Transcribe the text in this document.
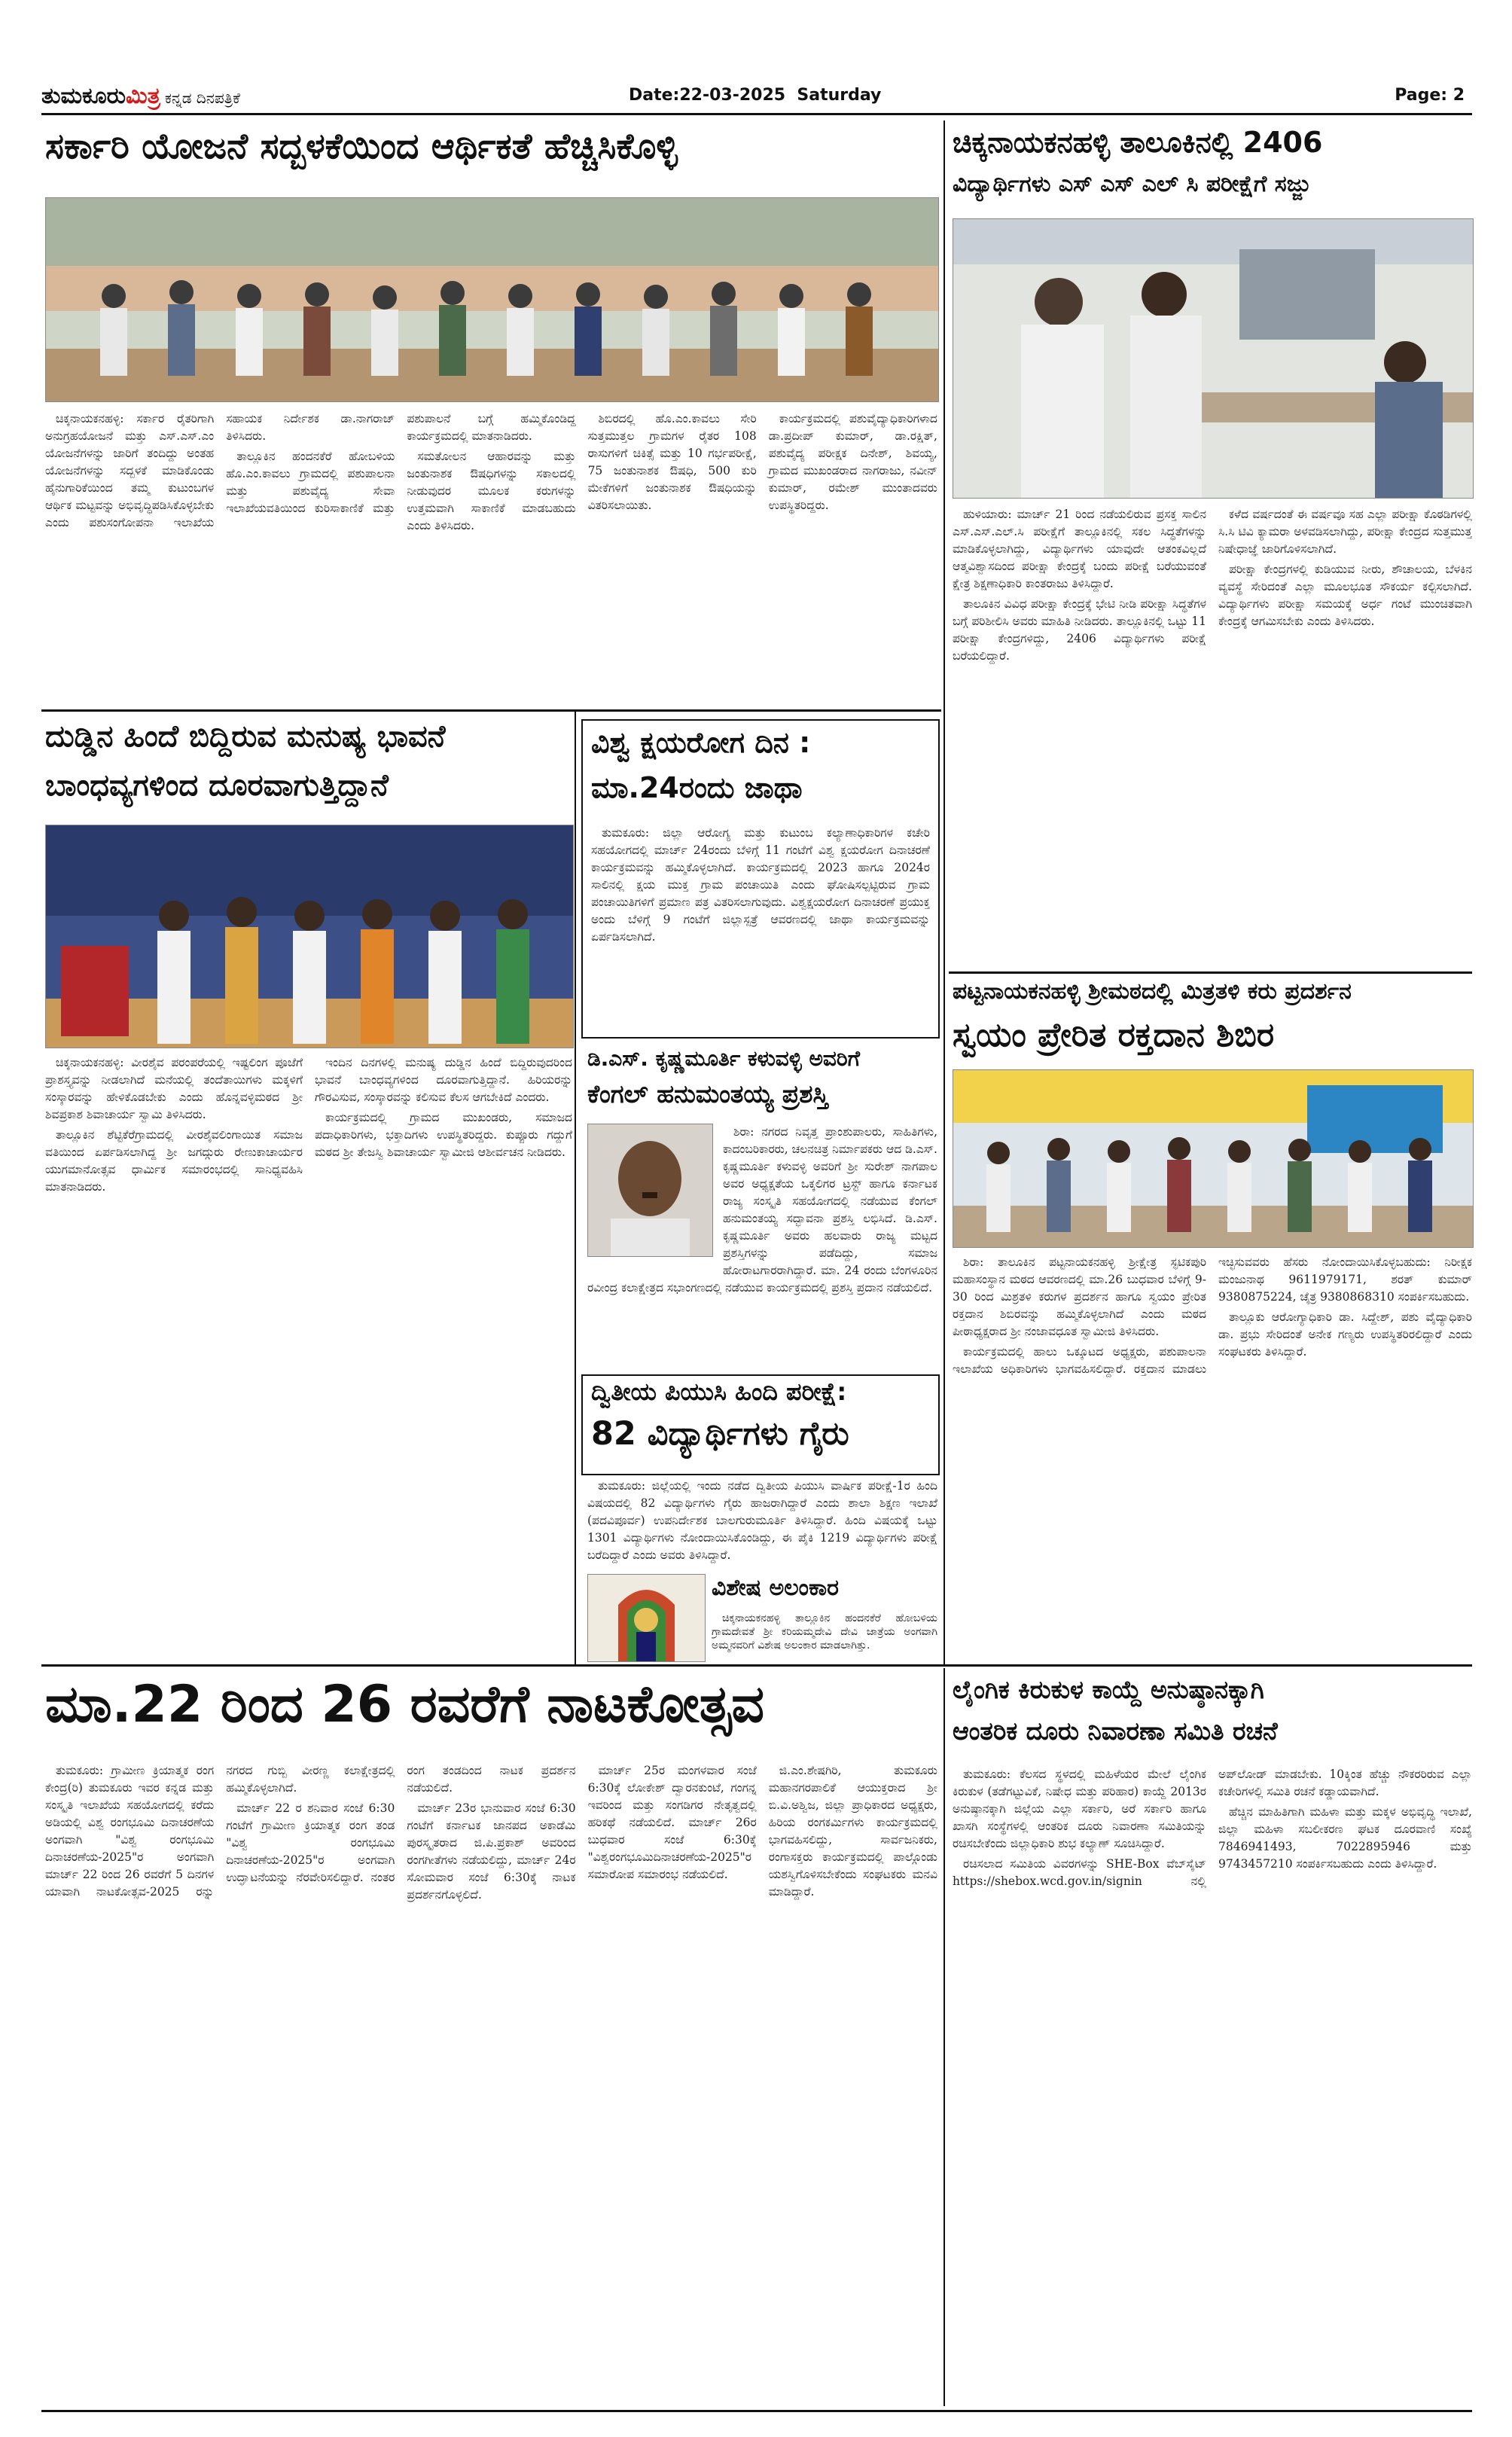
ತುಮಕೂರುಮಿತ್ರ ಕನ್ನಡ ದಿನಪತ್ರಿಕೆ	Date:22-03-2025 Saturday	Page: 2
ಸರ್ಕಾರಿ ಯೋಜನೆ ಸದ್ಬಳಕೆಯಿಂದ ಆರ್ಥಿಕತೆ ಹೆಚ್ಚಿಸಿಕೊಳ್ಳಿ

ಚಿಕ್ಕನಾಯಕನಹಳ್ಳಿ: ಸರ್ಕಾರ ರೈತರಿಗಾಗಿ ಅನುಗ್ರಹಯೋಜನೆ ಮತ್ತು ಎಸ್.ಎಸ್.ಎಂ ಯೋಜನೆಗಳನ್ನು ಜಾರಿಗೆ ತಂದಿದ್ದು ಅಂತಹ ಯೋಜನೆಗಳನ್ನು ಸದ್ಬಳಕೆ ಮಾಡಿಕೊಂಡು ಹೈನುಗಾರಿಕೆಯಿಂದ ತಮ್ಮ ಕುಟುಂಬಗಳ ಆರ್ಥಿಕ ಮಟ್ಟವನ್ನು ಅಭಿವೃದ್ಧಿಪಡಿಸಿಕೊಳ್ಳಬೇಕು ಎಂದು ಪಶುಸಂಗೋಪನಾ ಇಲಾಖೆಯ ಸಹಾಯಕ ನಿರ್ದೇಶಕ ಡಾ.ನಾಗರಾಜ್ ತಿಳಿಸಿದರು.

ತಾಲ್ಲೂಕಿನ ಹಂದನಕೆರೆ ಹೋಬಳಿಯ ಹೊ.ಎಂ.ಕಾವಲು ಗ್ರಾಮದಲ್ಲಿ ಪಶುಪಾಲನಾ ಮತ್ತು ಪಶುವೈದ್ಯ ಸೇವಾ ಇಲಾಖೆಯವತಿಯಿಂದ ಕುರಿಸಾಕಾಣಿಕೆ ಮತ್ತು ಪಶುಪಾಲನೆ ಬಗ್ಗೆ ಹಮ್ಮಿಕೊಂಡಿದ್ದ ಕಾರ್ಯಕ್ರಮದಲ್ಲಿ ಮಾತನಾಡಿದರು.

ಸಮತೋಲನ ಆಹಾರವನ್ನು ಮತ್ತು ಜಂತುನಾಶಕ ಔಷಧಿಗಳನ್ನು ಸಕಾಲದಲ್ಲಿ ನೀಡುವುದರ ಮೂಲಕ ಕರುಗಳನ್ನು ಉತ್ತಮವಾಗಿ ಸಾಕಾಣಿಕೆ ಮಾಡಬಹುದು ಎಂದು ತಿಳಿಸಿದರು.

ಶಿಬಿರದಲ್ಲಿ ಹೊ.ಎಂ.ಕಾವಲು ಸೇರಿ ಸುತ್ತಮುತ್ತಲ ಗ್ರಾಮಗಳ ರೈತರ 108 ರಾಸುಗಳಿಗೆ ಚಿಕಿತ್ಸೆ ಮತ್ತು 10 ಗರ್ಭಪರೀಕ್ಷೆ, 75 ಜಂತುನಾಶಕ ಔಷಧಿ, 500 ಕುರಿ ಮೇಕೆಗಳಿಗೆ ಜಂತುನಾಶಕ ಔಷಧಿಯನ್ನು ವಿತರಿಸಲಾಯಿತು.

ಕಾರ್ಯಕ್ರಮದಲ್ಲಿ ಪಶುವೈದ್ಯಾಧಿಕಾರಿಗಳಾದ ಡಾ.ಪ್ರದೀಪ್ ಕುಮಾರ್, ಡಾ.ರಕ್ಷಿತ್, ಪಶುವೈದ್ಯ ಪರೀಕ್ಷಕ ದಿನೇಶ್, ಶಿವಯ್ಯ, ಗ್ರಾಮದ ಮುಖಂಡರಾದ ನಾಗರಾಜು, ನವೀನ್ ಕುಮಾರ್, ರಮೇಶ್ ಮುಂತಾದವರು ಉಪಸ್ಥಿತರಿದ್ದರು.

ಚಿಕ್ಕನಾಯಕನಹಳ್ಳಿ ತಾಲೂಕಿನಲ್ಲಿ 2406
ವಿದ್ಯಾರ್ಥಿಗಳು ಎಸ್ ಎಸ್ ಎಲ್ ಸಿ ಪರೀಕ್ಷೆಗೆ ಸಜ್ಜು

ಹುಳಿಯಾರು: ಮಾರ್ಚ್ 21 ರಿಂದ ನಡೆಯಲಿರುವ ಪ್ರಸಕ್ತ ಸಾಲಿನ ಎಸ್.ಎಸ್.ಎಲ್.ಸಿ ಪರೀಕ್ಷೆಗೆ ತಾಲ್ಲೂಕಿನಲ್ಲಿ ಸಕಲ ಸಿದ್ಧತೆಗಳನ್ನು ಮಾಡಿಕೊಳ್ಳಲಾಗಿದ್ದು, ವಿದ್ಯಾರ್ಥಿಗಳು ಯಾವುದೇ ಆತಂಕವಿಲ್ಲದೆ ಆತ್ಮವಿಶ್ವಾಸದಿಂದ ಪರೀಕ್ಷಾ ಕೇಂದ್ರಕ್ಕೆ ಬಂದು ಪರೀಕ್ಷೆ ಬರೆಯುವಂತೆ ಕ್ಷೇತ್ರ ಶಿಕ್ಷಣಾಧಿಕಾರಿ ಕಾಂತರಾಜು ತಿಳಿಸಿದ್ದಾರೆ.

ತಾಲೂಕಿನ ವಿವಿಧ ಪರೀಕ್ಷಾ ಕೇಂದ್ರಕ್ಕೆ ಭೇಟಿ ನೀಡಿ ಪರೀಕ್ಷಾ ಸಿದ್ಧತೆಗಳ ಬಗ್ಗೆ ಪರಿಶೀಲಿಸಿ ಅವರು ಮಾಹಿತಿ ನೀಡಿದರು. ತಾಲ್ಲೂಕಿನಲ್ಲಿ ಒಟ್ಟು 11 ಪರೀಕ್ಷಾ ಕೇಂದ್ರಗಳಿದ್ದು, 2406 ವಿದ್ಯಾರ್ಥಿಗಳು ಪರೀಕ್ಷೆ ಬರೆಯಲಿದ್ದಾರೆ.

ಕಳೆದ ವರ್ಷದಂತೆ ಈ ವರ್ಷವೂ ಸಹ ಎಲ್ಲಾ ಪರೀಕ್ಷಾ ಕೊಠಡಿಗಳಲ್ಲಿ ಸಿ.ಸಿ ಟಿವಿ ಕ್ಯಾಮರಾ ಅಳವಡಿಸಲಾಗಿದ್ದು, ಪರೀಕ್ಷಾ ಕೇಂದ್ರದ ಸುತ್ತಮುತ್ತ ನಿಷೇಧಾಜ್ಞೆ ಜಾರಿಗೊಳಿಸಲಾಗಿದೆ.

ಪರೀಕ್ಷಾ ಕೇಂದ್ರಗಳಲ್ಲಿ ಕುಡಿಯುವ ನೀರು, ಶೌಚಾಲಯ, ಬೆಳಕಿನ ವ್ಯವಸ್ಥೆ ಸೇರಿದಂತೆ ಎಲ್ಲಾ ಮೂಲಭೂತ ಸೌಕರ್ಯ ಕಲ್ಪಿಸಲಾಗಿದೆ. ವಿದ್ಯಾರ್ಥಿಗಳು ಪರೀಕ್ಷಾ ಸಮಯಕ್ಕೆ ಅರ್ಧ ಗಂಟೆ ಮುಂಚಿತವಾಗಿ ಕೇಂದ್ರಕ್ಕೆ ಆಗಮಿಸಬೇಕು ಎಂದು ತಿಳಿಸಿದರು.

ದುಡ್ಡಿನ ಹಿಂದೆ ಬಿದ್ದಿರುವ ಮನುಷ್ಯ ಭಾವನೆ
ಬಾಂಧವ್ಯಗಳಿಂದ ದೂರವಾಗುತ್ತಿದ್ದಾನೆ

ಚಿಕ್ಕನಾಯಕನಹಳ್ಳಿ: ವೀರಶೈವ ಪರಂಪರೆಯಲ್ಲಿ ಇಷ್ಟಲಿಂಗ ಪೂಜೆಗೆ ಪ್ರಾಶಸ್ತ್ಯವನ್ನು ನೀಡಲಾಗಿದೆ ಮನೆಯಲ್ಲಿ ತಂದೆತಾಯಿಗಳು ಮಕ್ಕಳಿಗೆ ಸಂಸ್ಕಾರವನ್ನು ಹೇಳಿಕೊಡಬೇಕು ಎಂದು ಹೊನ್ನವಳ್ಳಿಮಠದ ಶ್ರೀ ಶಿವಪ್ರಕಾಶ ಶಿವಾಚಾರ್ಯ ಸ್ವಾಮಿ ತಿಳಿಸಿದರು.

ತಾಲ್ಲೂಕಿನ ಶೆಟ್ಟಿಕೆರೆಗ್ರಾಮದಲ್ಲಿ ವೀರಶೈವಲಿಂಗಾಯಿತ ಸಮಾಜ ವತಿಯಿಂದ ಏರ್ಪಡಿಸಲಾಗಿದ್ದ ಶ್ರೀ ಜಗದ್ಗುರು ರೇಣುಕಾಚಾರ್ಯರ ಯುಗಮಾನೋತ್ಸವ ಧಾರ್ಮಿಕ ಸಮಾರಂಭದಲ್ಲಿ ಸಾನಿಧ್ಯವಹಿಸಿ ಮಾತನಾಡಿದರು.

ಇಂದಿನ ದಿನಗಳಲ್ಲಿ ಮನುಷ್ಯ ದುಡ್ಡಿನ ಹಿಂದೆ ಬಿದ್ದಿರುವುದರಿಂದ ಭಾವನೆ ಬಾಂಧವ್ಯಗಳಿಂದ ದೂರವಾಗುತ್ತಿದ್ದಾನೆ. ಹಿರಿಯರನ್ನು ಗೌರವಿಸುವ, ಸಂಸ್ಕಾರವನ್ನು ಕಲಿಸುವ ಕೆಲಸ ಆಗಬೇಕಿದೆ ಎಂದರು.

ಕಾರ್ಯಕ್ರಮದಲ್ಲಿ ಗ್ರಾಮದ ಮುಖಂಡರು, ಸಮಾಜದ ಪದಾಧಿಕಾರಿಗಳು, ಭಕ್ತಾದಿಗಳು ಉಪಸ್ಥಿತರಿದ್ದರು. ಕುಪ್ಪೂರು ಗದ್ದುಗೆ ಮಠದ ಶ್ರೀ ತೇಜಸ್ವಿ ಶಿವಾಚಾರ್ಯ ಸ್ವಾಮೀಜಿ ಆಶೀರ್ವಚನ ನೀಡಿದರು.

ವಿಶ್ವ ಕ್ಷಯರೋಗ ದಿನ :
ಮಾ.24ರಂದು ಜಾಥಾ

ತುಮಕೂರು: ಜಿಲ್ಲಾ ಆರೋಗ್ಯ ಮತ್ತು ಕುಟುಂಬ ಕಲ್ಯಾಣಾಧಿಕಾರಿಗಳ ಕಚೇರಿ ಸಹಯೋಗದಲ್ಲಿ ಮಾರ್ಚ್ 24ರಂದು ಬೆಳಿಗ್ಗೆ 11 ಗಂಟೆಗೆ ವಿಶ್ವ ಕ್ಷಯರೋಗ ದಿನಾಚರಣೆ ಕಾರ್ಯಕ್ರಮವನ್ನು ಹಮ್ಮಿಕೊಳ್ಳಲಾಗಿದೆ. ಕಾರ್ಯಕ್ರಮದಲ್ಲಿ 2023 ಹಾಗೂ 2024ರ ಸಾಲಿನಲ್ಲಿ ಕ್ಷಯ ಮುಕ್ತ ಗ್ರಾಮ ಪಂಚಾಯಿತಿ ಎಂದು ಘೋಷಿಸಲ್ಪಟ್ಟಿರುವ ಗ್ರಾಮ ಪಂಚಾಯಿತಿಗಳಿಗೆ ಪ್ರಮಾಣ ಪತ್ರ ವಿತರಿಸಲಾಗುವುದು. ವಿಶ್ವಕ್ಷಯರೋಗ ದಿನಾಚರಣೆ ಪ್ರಯುಕ್ತ ಅಂದು ಬೆಳಿಗ್ಗೆ 9 ಗಂಟೆಗೆ ಜಿಲ್ಲಾಸ್ಪತ್ರೆ ಆವರಣದಲ್ಲಿ ಜಾಥಾ ಕಾರ್ಯಕ್ರಮವನ್ನು ಏರ್ಪಡಿಸಲಾಗಿದೆ.

ಡಿ.ಎಸ್. ಕೃಷ್ಣಮೂರ್ತಿ ಕಳುವಳ್ಳಿ ಅವರಿಗೆ
ಕೆಂಗಲ್ ಹನುಮಂತಯ್ಯ ಪ್ರಶಸ್ತಿ

ಶಿರಾ: ನಗರದ ನಿವೃತ್ತ ಪ್ರಾಂಶುಪಾಲರು, ಸಾಹಿತಿಗಳು, ಕಾದಂಬರಿಕಾರರು, ಚಲನಚಿತ್ರ ನಿರ್ಮಾಪಕರು ಆದ ಡಿ.ಎಸ್. ಕೃಷ್ಣಮೂರ್ತಿ ಕಳುವಳ್ಳಿ ಅವರಿಗೆ ಶ್ರೀ ಸುರೇಶ್ ನಾಗಪಾಲ ಅವರ ಅಧ್ಯಕ್ಷತೆಯ ಒಕ್ಕಲಿಗರ ಟ್ರಸ್ಟ್ ಹಾಗೂ ಕರ್ನಾಟಕ ರಾಜ್ಯ ಸಂಸ್ಕೃತಿ ಸಹಯೋಗದಲ್ಲಿ ನಡೆಯುವ ಕೆಂಗಲ್ ಹನುಮಂತಯ್ಯ ಸದ್ಭಾವನಾ ಪ್ರಶಸ್ತಿ ಲಭಿಸಿದೆ. ಡಿ.ಎಸ್. ಕೃಷ್ಣಮೂರ್ತಿ ಅವರು ಹಲವಾರು ರಾಜ್ಯ ಮಟ್ಟದ ಪ್ರಶಸ್ತಿಗಳನ್ನು ಪಡೆದಿದ್ದು, ಸಮಾಜ ಹೋರಾಟಗಾರರಾಗಿದ್ದಾರೆ. ಮಾ. 24 ರಂದು ಬೆಂಗಳೂರಿನ ರವೀಂದ್ರ ಕಲಾಕ್ಷೇತ್ರದ ಸಭಾಂಗಣದಲ್ಲಿ ನಡೆಯುವ ಕಾರ್ಯಕ್ರಮದಲ್ಲಿ ಪ್ರಶಸ್ತಿ ಪ್ರದಾನ ನಡೆಯಲಿದೆ.

ದ್ವಿತೀಯ ಪಿಯುಸಿ ಹಿಂದಿ ಪರೀಕ್ಷೆ:
82 ವಿದ್ಯಾರ್ಥಿಗಳು ಗೈರು

ತುಮಕೂರು: ಜಿಲ್ಲೆಯಲ್ಲಿ ಇಂದು ನಡೆದ ದ್ವಿತೀಯ ಪಿಯುಸಿ ವಾರ್ಷಿಕ ಪರೀಕ್ಷೆ-1ರ ಹಿಂದಿ ವಿಷಯದಲ್ಲಿ 82 ವಿದ್ಯಾರ್ಥಿಗಳು ಗೈರು ಹಾಜರಾಗಿದ್ದಾರೆ ಎಂದು ಶಾಲಾ ಶಿಕ್ಷಣ ಇಲಾಖೆ (ಪದವಿಪೂರ್ವ) ಉಪನಿರ್ದೇಶಕ ಬಾಲಗುರುಮೂರ್ತಿ ತಿಳಿಸಿದ್ದಾರೆ. ಹಿಂದಿ ವಿಷಯಕ್ಕೆ ಒಟ್ಟು 1301 ವಿದ್ಯಾರ್ಥಿಗಳು ನೋಂದಾಯಿಸಿಕೊಂಡಿದ್ದು, ಈ ಪೈಕಿ 1219 ವಿದ್ಯಾರ್ಥಿಗಳು ಪರೀಕ್ಷೆ ಬರೆದಿದ್ದಾರೆ ಎಂದು ಅವರು ತಿಳಿಸಿದ್ದಾರೆ.

ವಿಶೇಷ ಅಲಂಕಾರ

ಚಿಕ್ಕನಾಯಕನಹಳ್ಳಿ ತಾಲ್ಲೂಕಿನ ಹಂದನಕೆರೆ ಹೋಬಳಿಯ ಗ್ರಾಮದೇವತೆ ಶ್ರೀ ಕರಿಯಮ್ಮದೇವಿ ದೇವಿ ಜಾತ್ರೆಯ ಅಂಗವಾಗಿ ಅಮ್ಮನವರಿಗೆ ವಿಶೇಷ ಅಲಂಕಾರ ಮಾಡಲಾಗಿತ್ತು.

ಪಟ್ಟನಾಯಕನಹಳ್ಳಿ ಶ್ರೀಮಠದಲ್ಲಿ ಮಿತ್ರತಳಿ ಕರು ಪ್ರದರ್ಶನ
ಸ್ವಯಂ ಪ್ರೇರಿತ ರಕ್ತದಾನ ಶಿಬಿರ

ಶಿರಾ: ತಾಲೂಕಿನ ಪಟ್ಟನಾಯಕನಹಳ್ಳಿ ಶ್ರೀಕ್ಷೇತ್ರ ಸ್ಫಟಿಕಪುರಿ ಮಹಾಸಂಸ್ಥಾನ ಮಠದ ಆವರಣದಲ್ಲಿ ಮಾ.26 ಬುಧವಾರ ಬೆಳಿಗ್ಗೆ 9-30 ರಿಂದ ಮಿಶ್ರತಳಿ ಕರುಗಳ ಪ್ರದರ್ಶನ ಹಾಗೂ ಸ್ವಯಂ ಪ್ರೇರಿತ ರಕ್ತದಾನ ಶಿಬಿರವನ್ನು ಹಮ್ಮಿಕೊಳ್ಳಲಾಗಿದೆ ಎಂದು ಮಠದ ಪೀಠಾಧ್ಯಕ್ಷರಾದ ಶ್ರೀ ನಂಜಾವಧೂತ ಸ್ವಾಮೀಜಿ ತಿಳಿಸಿದರು.

ಕಾರ್ಯಕ್ರಮದಲ್ಲಿ ಹಾಲು ಒಕ್ಕೂಟದ ಅಧ್ಯಕ್ಷರು, ಪಶುಪಾಲನಾ ಇಲಾಖೆಯ ಅಧಿಕಾರಿಗಳು ಭಾಗವಹಿಸಲಿದ್ದಾರೆ. ರಕ್ತದಾನ ಮಾಡಲು ಇಚ್ಛಿಸುವವರು ಹೆಸರು ನೋಂದಾಯಿಸಿಕೊಳ್ಳಬಹುದು: ನಿರೀಕ್ಷಕ ಮಂಜುನಾಥ 9611979171, ಶರತ್ ಕುಮಾರ್ 9380875224, ಚೈತ್ರ 9380868310 ಸಂಪರ್ಕಿಸಬಹುದು.

ತಾಲ್ಲೂಕು ಆರೋಗ್ಯಾಧಿಕಾರಿ ಡಾ. ಸಿದ್ದೇಶ್, ಪಶು ವೈದ್ಯಾಧಿಕಾರಿ ಡಾ. ಪ್ರಭು ಸೇರಿದಂತೆ ಅನೇಕ ಗಣ್ಯರು ಉಪಸ್ಥಿತರಿರಲಿದ್ದಾರೆ ಎಂದು ಸಂಘಟಕರು ತಿಳಿಸಿದ್ದಾರೆ.

ಮಾ.22 ರಿಂದ 26 ರವರೆಗೆ ನಾಟಕೋತ್ಸವ

ತುಮಕೂರು: ಗ್ರಾಮೀಣ ಕ್ರಿಯಾತ್ಮಕ ರಂಗ ಕೇಂದ್ರ(ರಿ) ತುಮಕೂರು ಇವರ ಕನ್ನಡ ಮತ್ತು ಸಂಸ್ಕೃತಿ ಇಲಾಖೆಯ ಸಹಯೋಗದಲ್ಲಿ ಕರೆದು ಅಡಿಯಲ್ಲಿ ವಿಶ್ವ ರಂಗಭೂಮಿ ದಿನಾಚರಣೆಯ ಅಂಗವಾಗಿ "ವಿಶ್ವ ರಂಗಭೂಮಿ ದಿನಾಚರಣೆಯ-2025"ರ ಅಂಗವಾಗಿ ಮಾರ್ಚ್ 22 ರಿಂದ 26 ರವರೆಗೆ 5 ದಿನಗಳ ಯಾವಾಗಿ ನಾಟಕೋತ್ಸವ-2025 ರನ್ನು ನಗರದ ಗುಬ್ಬಿ ವೀರಣ್ಣ ಕಲಾಕ್ಷೇತ್ರದಲ್ಲಿ ಹಮ್ಮಿಕೊಳ್ಳಲಾಗಿದೆ.

ಮಾರ್ಚ್ 22 ರ ಶನಿವಾರ ಸಂಜೆ 6:30 ಗಂಟೆಗೆ ಗ್ರಾಮೀಣ ಕ್ರಿಯಾತ್ಮಕ ರಂಗ ತಂಡ "ವಿಶ್ವ ರಂಗಭೂಮಿ ದಿನಾಚರಣೆಯ-2025"ರ ಅಂಗವಾಗಿ ಉದ್ಘಾಟನೆಯನ್ನು ನೆರವೇರಿಸಲಿದ್ದಾರೆ. ನಂತರ ರಂಗ ತಂಡದಿಂದ ನಾಟಕ ಪ್ರದರ್ಶನ ನಡೆಯಲಿದೆ.

ಮಾರ್ಚ್ 23ರ ಭಾನುವಾರ ಸಂಜೆ 6:30 ಗಂಟೆಗೆ ಕರ್ನಾಟಕ ಜಾನಪದ ಅಕಾಡೆಮಿ ಪುರಸ್ಕೃತರಾದ ಜಿ.ಪಿ.ಪ್ರಕಾಶ್ ಅವರಿಂದ ರಂಗಗೀತೆಗಳು ನಡೆಯಲಿದ್ದು, ಮಾರ್ಚ್ 24ರ ಸೋಮವಾರ ಸಂಜೆ 6:30ಕ್ಕೆ ನಾಟಕ ಪ್ರದರ್ಶನಗೊಳ್ಳಲಿದೆ.

ಮಾರ್ಚ್ 25ರ ಮಂಗಳವಾರ ಸಂಜೆ 6:30ಕ್ಕೆ ಲೋಕೇಶ್ ದ್ವಾರನಕುಂಟೆ, ಗಂಗನ್ನ ಇವರಿಂದ ಮತ್ತು ಸಂಗಡಿಗರ ನೇತೃತ್ವದಲ್ಲಿ ಹರಿಕಥೆ ನಡೆಯಲಿದೆ. ಮಾರ್ಚ್ 26ರ ಬುಧವಾರ ಸಂಜೆ 6:30ಕ್ಕೆ "ವಿಶ್ವರಂಗಭೂಮಿದಿನಾಚರಣೆಯ-2025"ರ ಸಮಾರೋಪ ಸಮಾರಂಭ ನಡೆಯಲಿದೆ.

ಜಿ.ಎಂ.ಶೇಷಗಿರಿ, ತುಮಕೂರು ಮಹಾನಗರಪಾಲಿಕೆ ಆಯುಕ್ತರಾದ ಶ್ರೀ ಬಿ.ವಿ.ಅಶ್ವಿಜ, ಜಿಲ್ಲಾ ಪ್ರಾಧಿಕಾರದ ಅಧ್ಯಕ್ಷರು, ಹಿರಿಯ ರಂಗಕರ್ಮಿಗಳು ಕಾರ್ಯಕ್ರಮದಲ್ಲಿ ಭಾಗವಹಿಸಲಿದ್ದು, ಸಾರ್ವಜನಿಕರು, ರಂಗಾಸಕ್ತರು ಕಾರ್ಯಕ್ರಮದಲ್ಲಿ ಪಾಲ್ಗೊಂಡು ಯಶಸ್ವಿಗೊಳಿಸಬೇಕೆಂದು ಸಂಘಟಕರು ಮನವಿ ಮಾಡಿದ್ದಾರೆ.

ಲೈಂಗಿಕ ಕಿರುಕುಳ ಕಾಯ್ದೆ ಅನುಷ್ಠಾನಕ್ಕಾಗಿ
ಆಂತರಿಕ ದೂರು ನಿವಾರಣಾ ಸಮಿತಿ ರಚನೆ

ತುಮಕೂರು: ಕೆಲಸದ ಸ್ಥಳದಲ್ಲಿ ಮಹಿಳೆಯರ ಮೇಲೆ ಲೈಂಗಿಕ ಕಿರುಕುಳ (ತಡೆಗಟ್ಟುವಿಕೆ, ನಿಷೇಧ ಮತ್ತು ಪರಿಹಾರ) ಕಾಯ್ದೆ 2013ರ ಅನುಷ್ಠಾನಕ್ಕಾಗಿ ಜಿಲ್ಲೆಯ ಎಲ್ಲಾ ಸರ್ಕಾರಿ, ಅರೆ ಸರ್ಕಾರಿ ಹಾಗೂ ಖಾಸಗಿ ಸಂಸ್ಥೆಗಳಲ್ಲಿ ಆಂತರಿಕ ದೂರು ನಿವಾರಣಾ ಸಮಿತಿಯನ್ನು ರಚಿಸಬೇಕೆಂದು ಜಿಲ್ಲಾಧಿಕಾರಿ ಶುಭ ಕಲ್ಯಾಣ್ ಸೂಚಿಸಿದ್ದಾರೆ.

ರಚಿಸಲಾದ ಸಮಿತಿಯ ವಿವರಗಳನ್ನು SHE-Box ವೆಬ್‌ಸೈಟ್ https://shebox.wcd.gov.in/signin ನಲ್ಲಿ ಅಪ್‌ಲೋಡ್ ಮಾಡಬೇಕು. 10ಕ್ಕಿಂತ ಹೆಚ್ಚು ನೌಕರರಿರುವ ಎಲ್ಲಾ ಕಚೇರಿಗಳಲ್ಲಿ ಸಮಿತಿ ರಚನೆ ಕಡ್ಡಾಯವಾಗಿದೆ.

ಹೆಚ್ಚಿನ ಮಾಹಿತಿಗಾಗಿ ಮಹಿಳಾ ಮತ್ತು ಮಕ್ಕಳ ಅಭಿವೃದ್ಧಿ ಇಲಾಖೆ, ಜಿಲ್ಲಾ ಮಹಿಳಾ ಸಬಲೀಕರಣ ಘಟಕ ದೂರವಾಣಿ ಸಂಖ್ಯೆ 7846941493, 7022895946 ಮತ್ತು 9743457210 ಸಂಪರ್ಕಿಸಬಹುದು ಎಂದು ತಿಳಿಸಿದ್ದಾರೆ.
